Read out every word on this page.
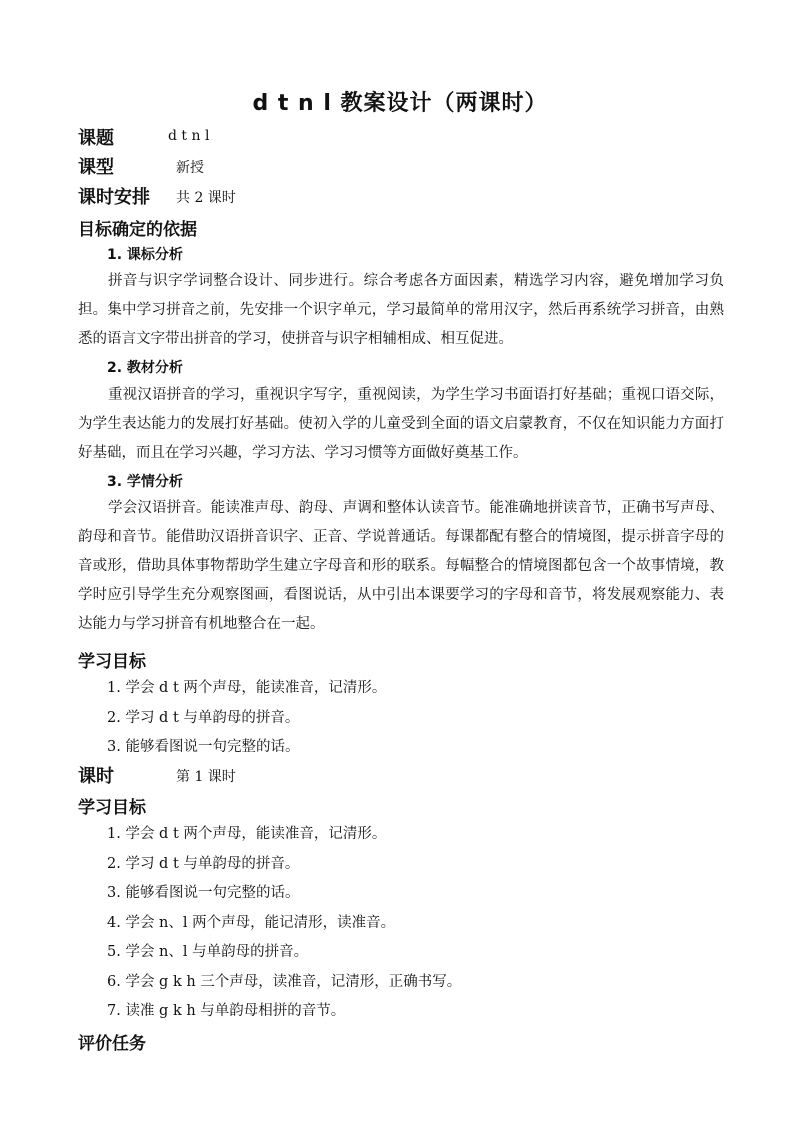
d t n l 教案设计（两课时）
课题	d t n l
课型	新授
课时安排 共 2 课时
目标确定的依据
1. 课标分析

拼音与识字学词整合设计、同步进行。综合考虑各方面因素，精选学习内容，避免增加学习负担。集中学习拼音之前，先安排一个识字单元，学习最简单的常用汉字，然后再系统学习拼音，由熟悉的语言文字带出拼音的学习，使拼音与识字相辅相成、相互促进。

2. 教材分析

重视汉语拼音的学习，重视识字写字，重视阅读，为学生学习书面语打好基础；重视口语交际，为学生表达能力的发展打好基础。使初入学的儿童受到全面的语文启蒙教育，不仅在知识能力方面打好基础，而且在学习兴趣，学习方法、学习习惯等方面做好奠基工作。

3. 学情分析

学会汉语拼音。能读准声母、韵母、声调和整体认读音节。能准确地拼读音节，正确书写声母、韵母和音节。能借助汉语拼音识字、正音、学说普通话。每课都配有整合的情境图，提示拼音字母的音或形，借助具体事物帮助学生建立字母音和形的联系。每幅整合的情境图都包含一个故事情境，教学时应引导学生充分观察图画，看图说话，从中引出本课要学习的字母和音节，将发展观察能力、表达能力与学习拼音有机地整合在一起。

学习目标
1. 学会 d t 两个声母，能读准音，记清形。
2. 学习 d t 与单韵母的拼音。
3. 能够看图说一句完整的话。
课时	第 1 课时
学习目标
1. 学会 d t 两个声母，能读准音，记清形。
2. 学习 d t 与单韵母的拼音。
3. 能够看图说一句完整的话。
4. 学会 n、l 两个声母，能记清形，读准音。
5. 学会 n、l 与单韵母的拼音。
6. 学会 g k h 三个声母，读准音，记清形，正确书写。
7. 读准 g k h 与单韵母相拼的音节。
评价任务
